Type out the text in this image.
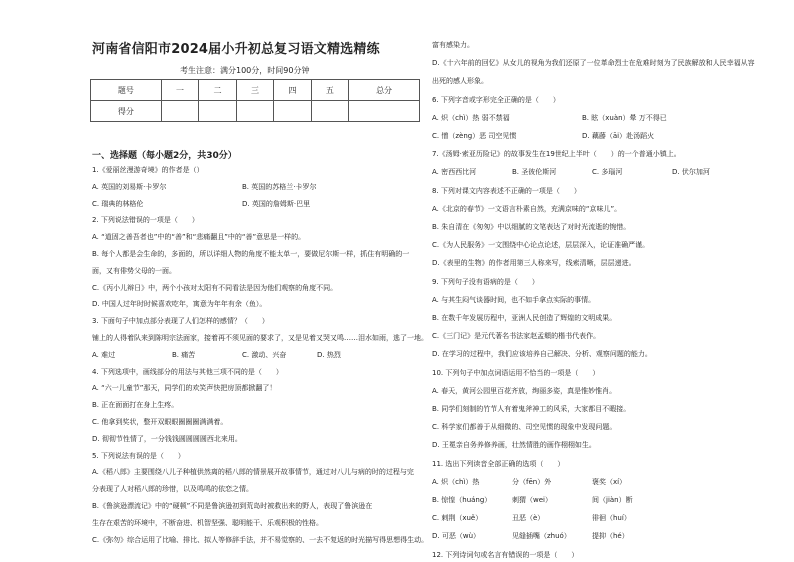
河南省信阳市2024届小升初总复习语文精选精练
考生注意：满分100分，时间90分钟
题号	一	二	三	四	五	总分
得分						
一、选择题（每小题2分，共30分）
1.《爱丽丝漫游奇境》的作者是（）
A. 英国的刘易斯·卡罗尔	B. 英国的苏格兰·卡罗尔
C. 瑞典的林格伦	D. 英国的詹姆斯·巴里
2. 下列说法错误的一项是（　　）
A. “道固之善吾者也”中的“善”和“悲痛翻且”中的“善”意思是一样的。
B. 每个人都是会生命的，多面的，所以详细人物的角度不能太单一，要做尼尔斯一样，抓住有明确的一
面，又有俳势父母的一面。
C.《丙小儿辩日》中，两个小孩对太阳有不同看法是因为他们观察的角度不同。
D. 中国人过年时时候喜欢吃年，寓意为年年有余（鱼）。
3. 下面句子中加点部分表现了人们怎样的感情？（　　）
铺上的人得着队来到陈明宗法面家，接着再不须见面的要求了，又是见着又哭又鸣……泪水如雨，逃了一地。
A. 难过	B. 痛苦	C. 激动、兴奋	D. 热烈
4. 下列选项中，画线部分的用法与其他三项不同的是（　　）
A. “六一儿童节”那天，同学们的欢笑声快把房顶都掀翻了！
B. 正在面面打在身上生疼。
C. 他拿到奖状，整开双眼眼圈圈圈满满着。
D. 彻彻节性情了，一分钱钱圆圆圆圆西北来用。
5. 下列说法有误的是（　　）
A.《稻八郎》主要围绕八儿子种植供然离的稻八郎的情景展开故事情节，通过对八儿与病的时的过程与完
分表现了人对稻八郎的珍惜，以及鸣鸣的依恋之情。
B.《鲁滨逊漂流记》中的“硬顿”不同是鲁滨逊初到荒岛时被救出来的野人，表现了鲁滨逊在
生存在艰苦的环境中，不断奋进、机智坚强、聪明能干、乐观积极的性格。
C.《弥勿》综合运用了比喻、排比、拟人等修辞手法，并不易觉察的、一去不复返的时光描写得思想得生动。
富有感染力。
D.《十六年前的回忆》从女儿的视角为我们还原了一位革命烈士在危难时刻为了民族解放和人民幸福从容
出死的感人形象。
6. 下列字音或字形完全正确的是（　　）
A. 炽（chì）热 弱不禁福	B. 眩（xuàn）晕 万不得已
C. 憎（zèng）恶 司空见惯	D. 藕藤（āi）赴汤蹈火
7.《汤姆·索亚历险记》的故事发生在19世纪上半叶（　　）的一个普通小镇上。
A. 密西西比河	B. 圣彼伦斯河	C. 多瑙河	D. 伏尔加河
8. 下列对课文内容表述不正确的一项是（　　）
A.《北京的春节》一文语言朴素自然，充满京味的“京味儿”。
B. 朱自清在《匆匆》中以细腻的文笔表达了对时光流逝的惋惜。
C.《为人民服务》一文围绕中心论点论述，层层深入，论证准确严谨。
D.《表里的生物》的作者用第三人称来写，线索清晰，层层递进。
9. 下列句子没有语病的是（　　）
A. 与其生闷气谈器时间，也不如手拿点实际的事情。
B. 在数千年发展历程中，亚洲人民创造了辉煌的文明成果。
C.《三门记》是元代著名书法家赵孟頫的楷书代表作。
D. 在学习的过程中，我们应该培养自己解决、分析、观察问题的能力。
10. 下列句子中加点词语运用不恰当的一项是（　　）
A. 春天，黄河公园里百花齐放，绚丽多姿，真是惟妙惟肖。
B. 同学们刻制的竹节人有着鬼斧神工的风采，大家都目不暇接。
C. 科学家们都善于从细微的、司空见惯的现象中发现问题。
D. 王冕亲自务养修养画，壮然情胜的画作栩栩如生。
11. 选出下列读音全部正确的选项（　　）
A. 炽（chì）热	分（fēn）外	褒奖（xí）
B. 惊惶（huáng）	刺猬（wei）	间（jiàn）断
C. 刺荆（xuě）	丑恶（è）	徘徊（huí）
D. 可恶（wù）	见缝插嘴（zhuó）	提抑（hé）
12. 下列诗词句或名言有错误的一项是（　　）
